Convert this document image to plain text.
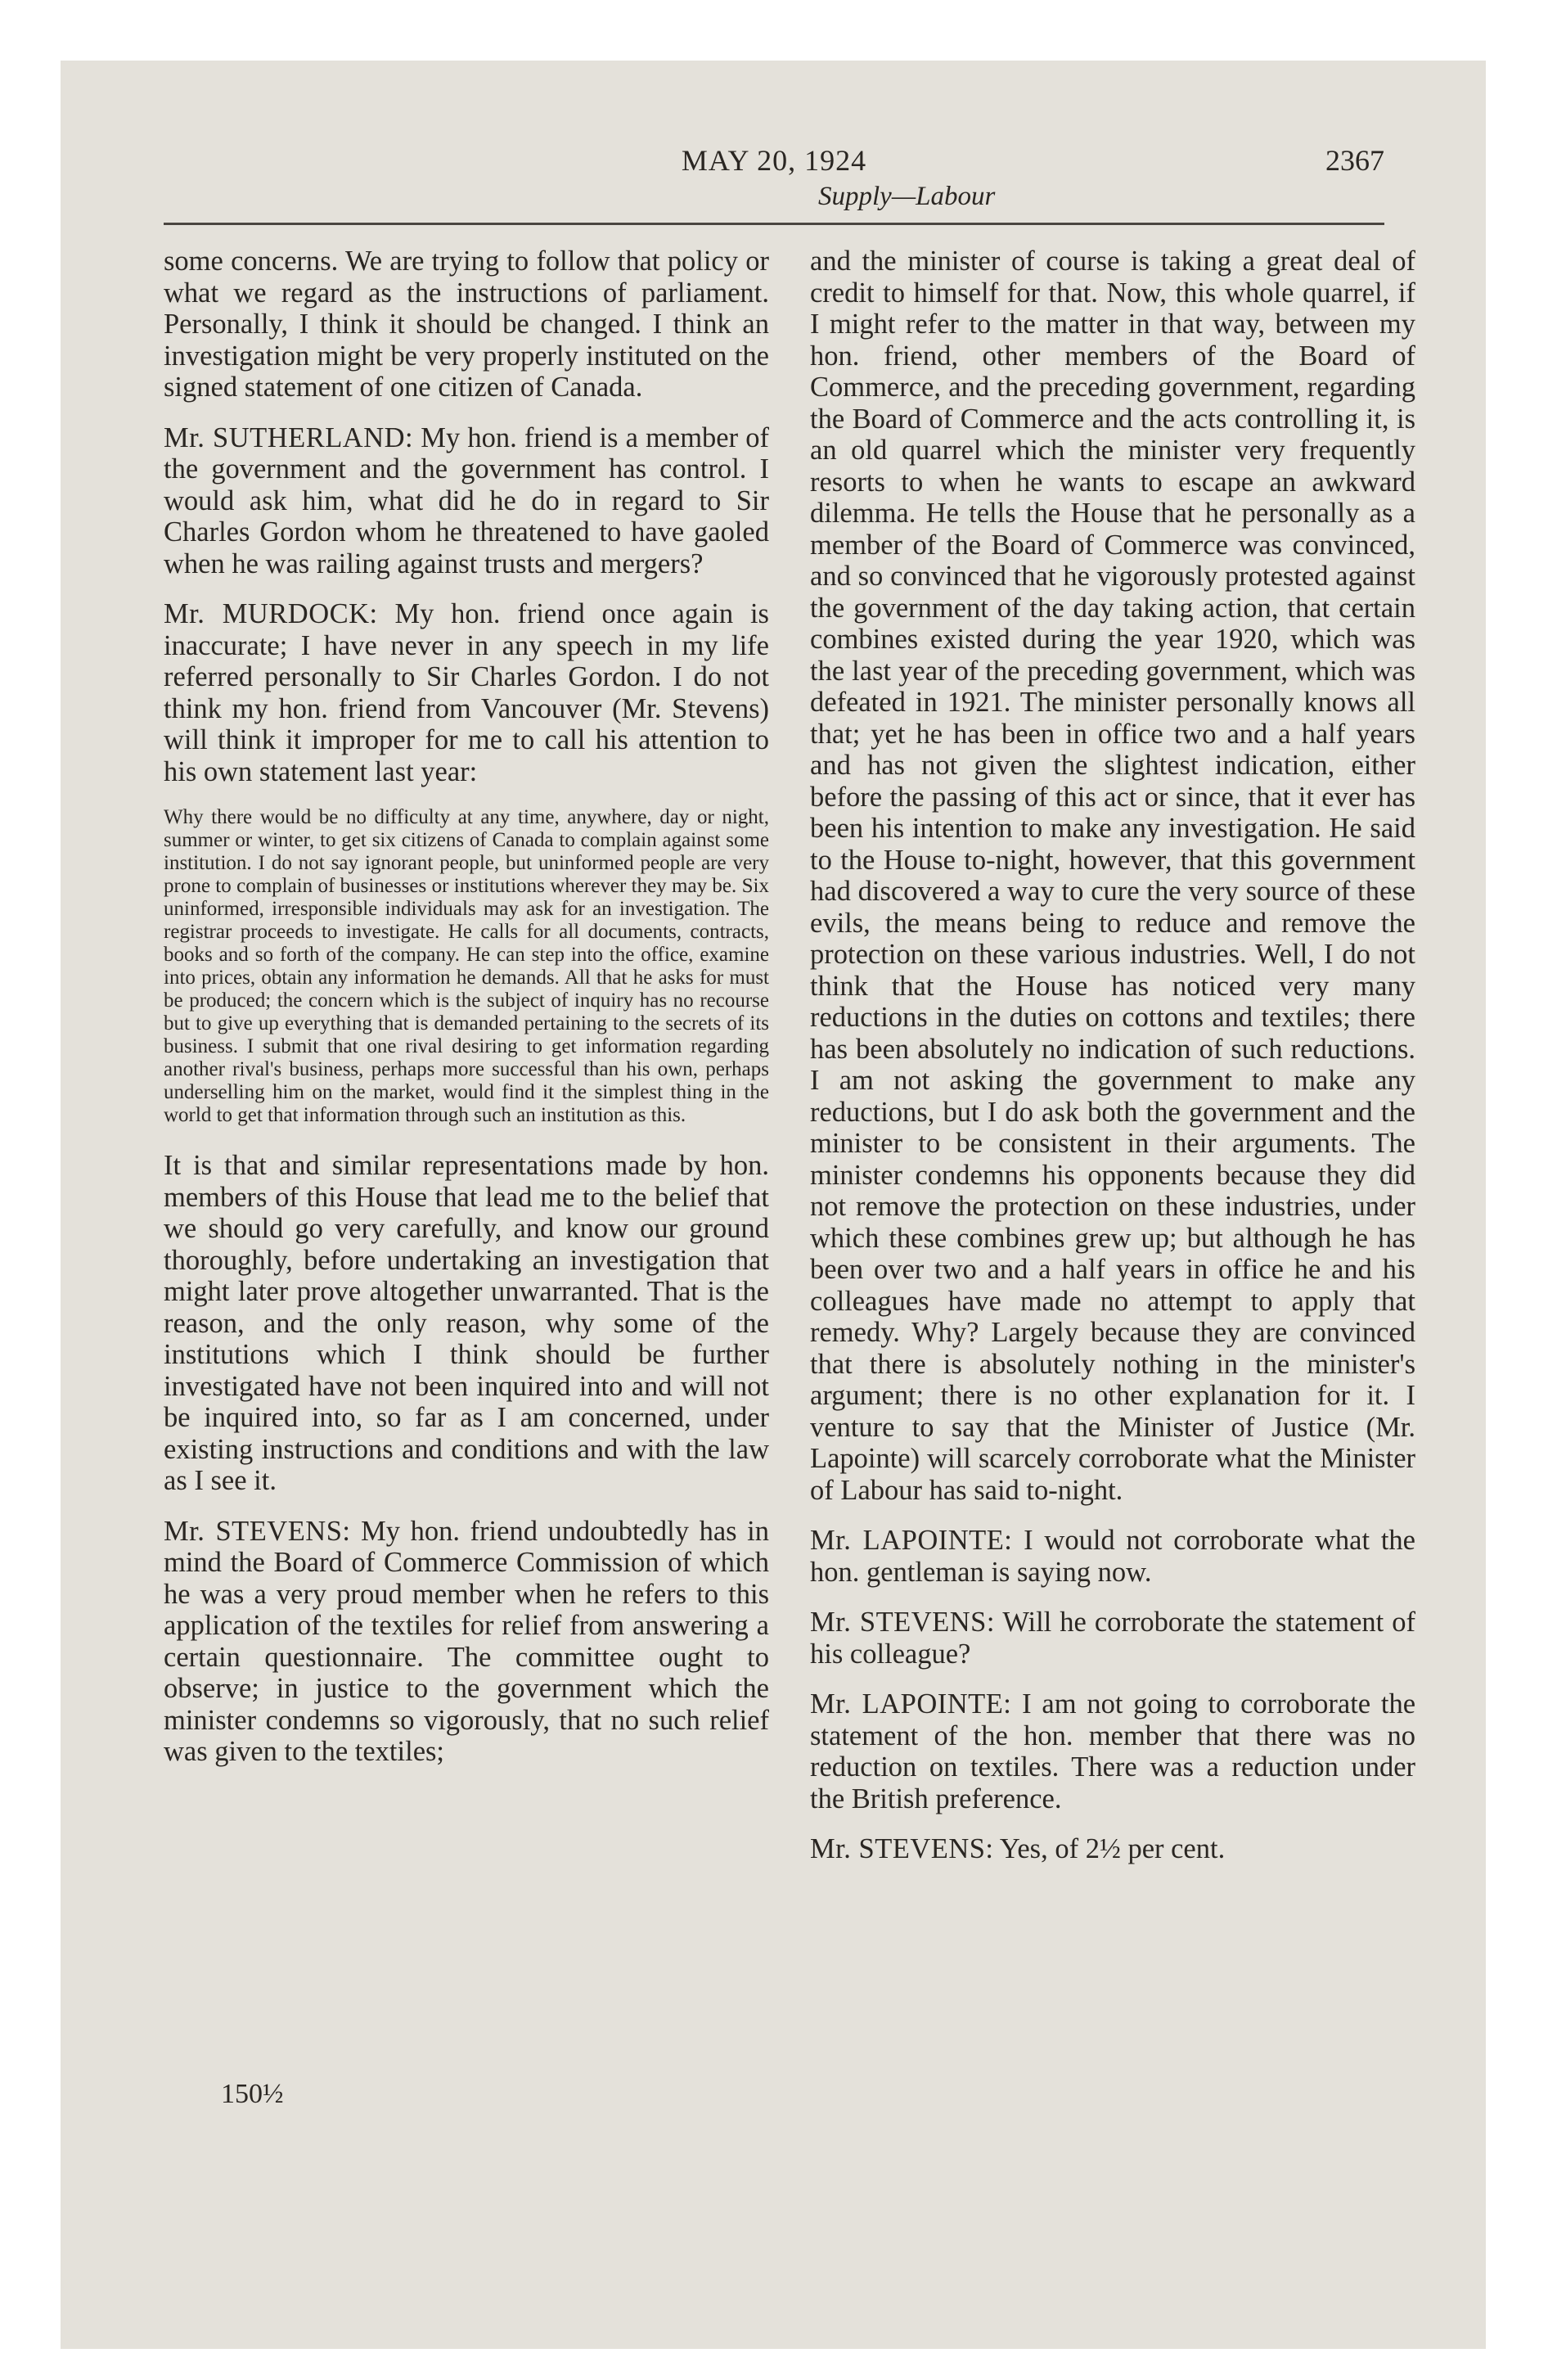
MAY 20, 1924	2367
Supply—Labour

some concerns. We are trying to follow that policy or what we regard as the instructions of parliament. Personally, I think it should be changed. I think an investigation might be very properly instituted on the signed statement of one citizen of Canada.

Mr. SUTHERLAND: My hon. friend is a member of the government and the government has control. I would ask him, what did he do in regard to Sir Charles Gordon whom he threatened to have gaoled when he was railing against trusts and mergers?

Mr. MURDOCK: My hon. friend once again is inaccurate; I have never in any speech in my life referred personally to Sir Charles Gordon. I do not think my hon. friend from Vancouver (Mr. Stevens) will think it improper for me to call his attention to his own statement last year:

Why there would be no difficulty at any time, anywhere, day or night, summer or winter, to get six citizens of Canada to complain against some institution. I do not say ignorant people, but uninformed people are very prone to complain of businesses or institutions wherever they may be. Six uninformed, irresponsible individuals may ask for an investigation. The registrar proceeds to investigate. He calls for all documents, contracts, books and so forth of the company. He can step into the office, examine into prices, obtain any information he demands. All that he asks for must be produced; the concern which is the subject of inquiry has no recourse but to give up everything that is demanded pertaining to the secrets of its business. I submit that one rival desiring to get information regarding another rival's business, perhaps more successful than his own, perhaps underselling him on the market, would find it the simplest thing in the world to get that information through such an institution as this.

It is that and similar representations made by hon. members of this House that lead me to the belief that we should go very carefully, and know our ground thoroughly, before undertaking an investigation that might later prove altogether unwarranted. That is the reason, and the only reason, why some of the institutions which I think should be further investigated have not been inquired into and will not be inquired into, so far as I am concerned, under existing instructions and conditions and with the law as I see it.

Mr. STEVENS: My hon. friend undoubtedly has in mind the Board of Commerce Commission of which he was a very proud member when he refers to this application of the textiles for relief from answering a certain questionnaire. The committee ought to observe; in justice to the government which the minister condemns so vigorously, that no such relief was given to the textiles;

and the minister of course is taking a great deal of credit to himself for that. Now, this whole quarrel, if I might refer to the matter in that way, between my hon. friend, other members of the Board of Commerce, and the preceding government, regarding the Board of Commerce and the acts controlling it, is an old quarrel which the minister very frequently resorts to when he wants to escape an awkward dilemma. He tells the House that he personally as a member of the Board of Commerce was convinced, and so convinced that he vigorously protested against the government of the day taking action, that certain combines existed during the year 1920, which was the last year of the preceding government, which was defeated in 1921. The minister personally knows all that; yet he has been in office two and a half years and has not given the slightest indication, either before the passing of this act or since, that it ever has been his intention to make any investigation. He said to the House to-night, however, that this government had discovered a way to cure the very source of these evils, the means being to reduce and remove the protection on these various industries. Well, I do not think that the House has noticed very many reductions in the duties on cottons and textiles; there has been absolutely no indication of such reductions. I am not asking the government to make any reductions, but I do ask both the government and the minister to be consistent in their arguments. The minister condemns his opponents because they did not remove the protection on these industries, under which these combines grew up; but although he has been over two and a half years in office he and his colleagues have made no attempt to apply that remedy. Why? Largely because they are convinced that there is absolutely nothing in the minister's argument; there is no other explanation for it. I venture to say that the Minister of Justice (Mr. Lapointe) will scarcely corroborate what the Minister of Labour has said to-night.

Mr. LAPOINTE: I would not corroborate what the hon. gentleman is saying now.

Mr. STEVENS: Will he corroborate the statement of his colleague?

Mr. LAPOINTE: I am not going to corroborate the statement of the hon. member that there was no reduction on textiles. There was a reduction under the British preference.

Mr. STEVENS: Yes, of 2½ per cent.

150½
